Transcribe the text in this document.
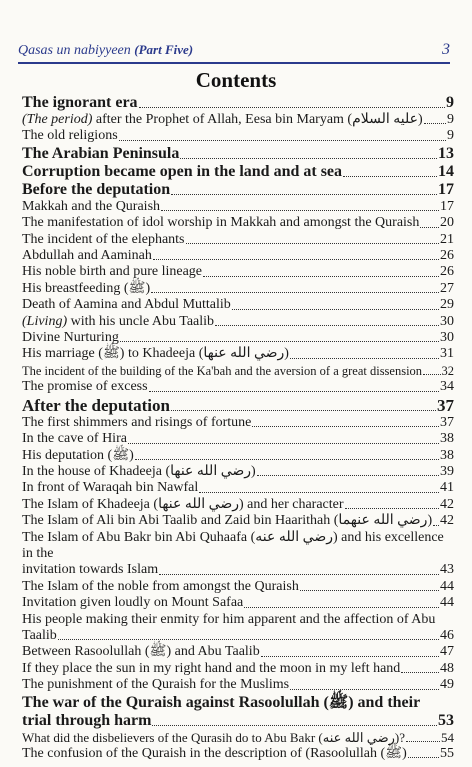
Qasas un nabiyyeen (Part Five)	3
Contents
The ignorant era	9
(The period) after the Prophet of Allah, Eesa bin Maryam (عليه السلام) 9
The old religions	9
The Arabian Peninsula	13
Corruption became open in the land and at sea	14
Before the deputation	17
Makkah and the Quraish	17
The manifestation of idol worship in Makkah and amongst the Quraish 20
The incident of the elephants	21
Abdullah and Aaminah	26
His noble birth and pure lineage	26
His breastfeeding (ﷺ)	27
Death of Aamina and Abdul Muttalib	29
(Living) with his uncle Abu Taalib	30
Divine Nurturing	30
His marriage (ﷺ) to Khadeeja (رضي الله عنها)	31
The incident of the building of the Ka'bah and the aversion of a great dissension 32
The promise of excess	34
After the deputation	37
The first shimmers and risings of fortune	37
In the cave of Hira	38
His deputation (ﷺ)	38
In the house of Khadeeja (رضي الله عنها)	39
In front of Waraqah bin Nawfal	41
The Islam of Khadeeja (رضي الله عنها) and her character	42
The Islam of Ali bin Abi Taalib and Zaid bin Haarithah (رضي الله عنهما) 42
The Islam of Abu Bakr bin Abi Quhaafa (رضي الله عنه) and his excellence in the
invitation towards Islam	43
The Islam of the noble from amongst the Quraish	44
Invitation given loudly on Mount Safaa	44
His people making their enmity for him apparent and the affection of Abu
Taalib	46
Between Rasoolullah (ﷺ) and Abu Taalib	47
If they place the sun in my right hand and the moon in my left hand	48
The punishment of the Quraish for the Muslims	49
The war of the Quraish against Rasoolullah (ﷺ) and their
trial through harm	53
What did the disbelievers of the Qurasih do to Abu Bakr (رضي الله عنه)?	54
The confusion of the Quraish in the description of (Rasoolullah (ﷺ) 55
